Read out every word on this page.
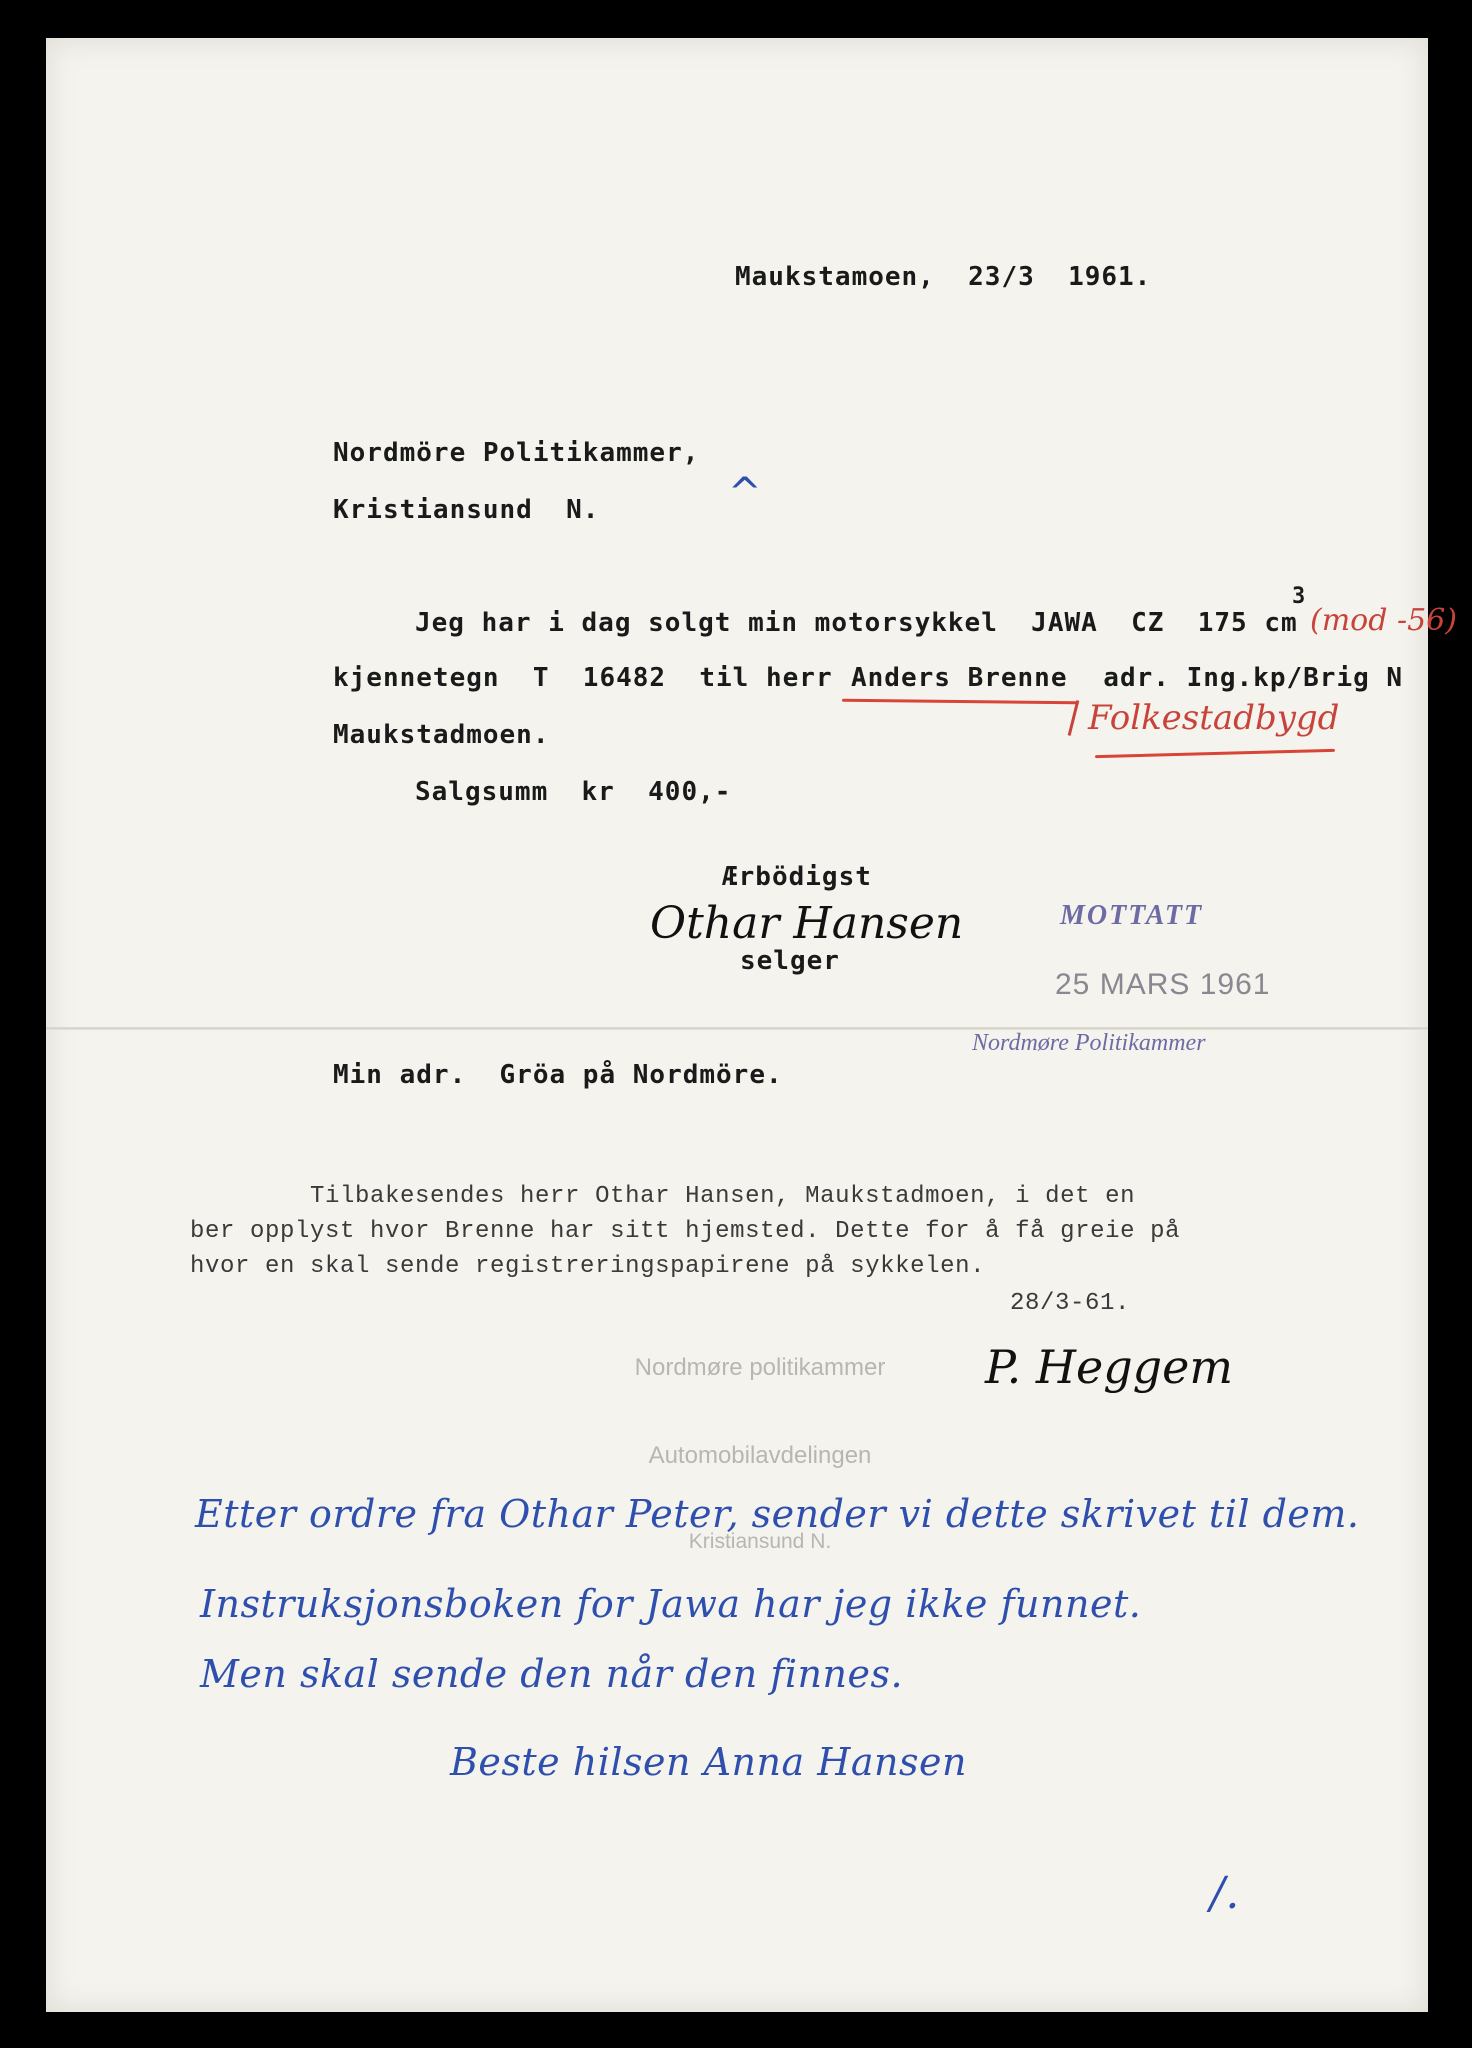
Maukstamoen,  23/3  1961.
Nordmöre Politikammer,
Kristiansund  N.	^
Jeg har i dag solgt min motorsykkel  JAWA  CZ  175 cm
3
(mod -56)
kjennetegn  T  16482  til herr Anders Brenne adr. Ing.kp/Brig N
Maukstadmoen.	Folkestadbygd
Salgsumm  kr  400,-
Ærbödigst
Othar Hansen
selger
MOTTATT
25 MARS 1961
Nordmøre Politikammer
Min adr.  Gröa på Nordmöre.
Tilbakesendes herr Othar Hansen, Maukstadmoen, i det en
ber opplyst hvor Brenne har sitt hjemsted. Dette for å få greie på
hvor en skal sende registreringspapirene på sykkelen.
28/3-61.

Nordmøre politikammer

Automobilavdelingen

Kristiansund N.

P. Heggem
Etter ordre fra Othar Peter, sender vi dette skrivet til dem.
Instruksjonsboken for Jawa har jeg ikke funnet.
Men skal sende den når den finnes.
Beste hilsen Anna Hansen
/.
